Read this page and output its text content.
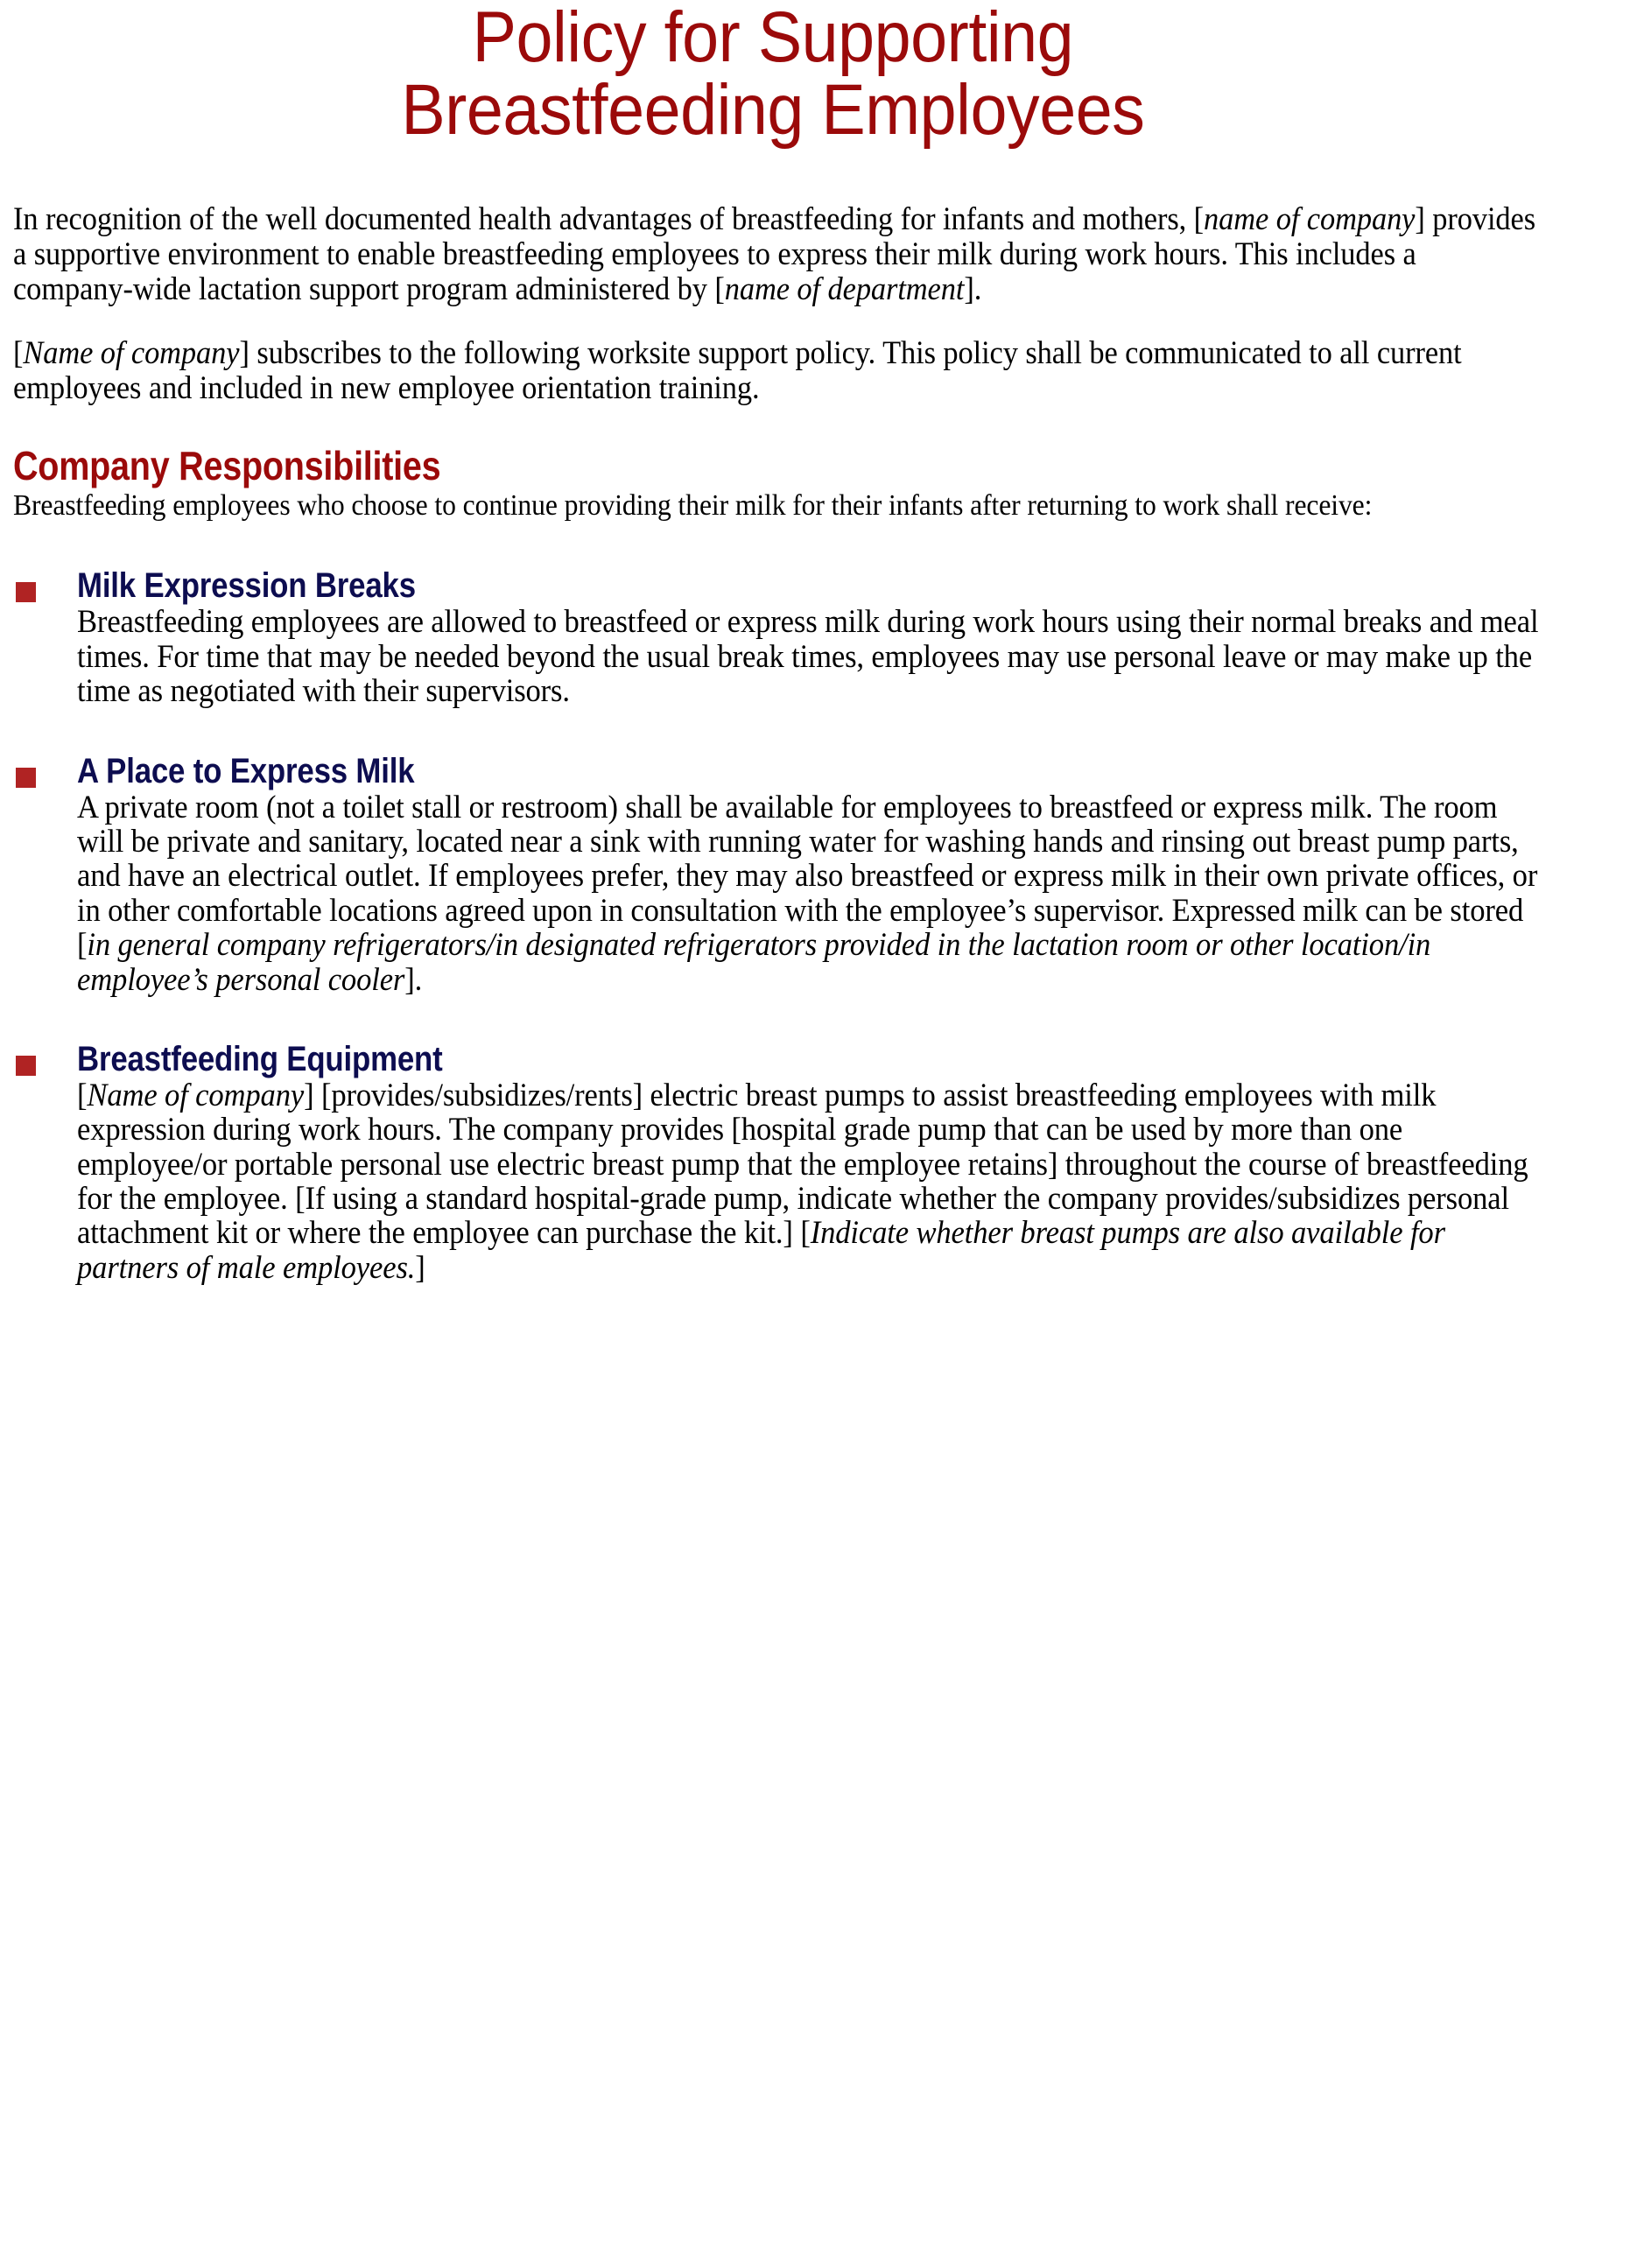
Policy for Supporting
Breastfeeding Employees

In recognition of the well documented health advantages of breastfeeding for infants and mothers, [name of company] provides a supportive environment to enable breastfeeding employees to express their milk during work hours. This includes a company-wide lactation support program administered by [name of department].

[Name of company] subscribes to the following worksite support policy. This policy shall be communicated to all current employees and included in new employee orientation training.

Company Responsibilities

Breastfeeding employees who choose to continue providing their milk for their infants after returning to work shall receive:

Milk Expression Breaks

Breastfeeding employees are allowed to breastfeed or express milk during work hours using their normal breaks and meal times. For time that may be needed beyond the usual break times, employees may use personal leave or may make up the time as negotiated with their supervisors.

A Place to Express Milk

A private room (not a toilet stall or restroom) shall be available for employees to breastfeed or express milk. The room will be private and sanitary, located near a sink with running water for washing hands and rinsing out breast pump parts, and have an electrical outlet. If employees prefer, they may also breastfeed or express milk in their own private offices, or in other comfortable locations agreed upon in consultation with the employee’s supervisor. Expressed milk can be stored [in general company refrigerators/in designated refrigerators provided in the lactation room or other location/in employee’s personal cooler].

Breastfeeding Equipment

[Name of company] [provides/subsidizes/rents] electric breast pumps to assist breastfeeding employees with milk expression during work hours. The company provides [hospital grade pump that can be used by more than one employee/or portable personal use electric breast pump that the employee retains] throughout the course of breastfeeding for the employee. [If using a standard hospital-grade pump, indicate whether the company provides/subsidizes personal attachment kit or where the employee can purchase the kit.] [Indicate whether breast pumps are also available for partners of male employees.]
